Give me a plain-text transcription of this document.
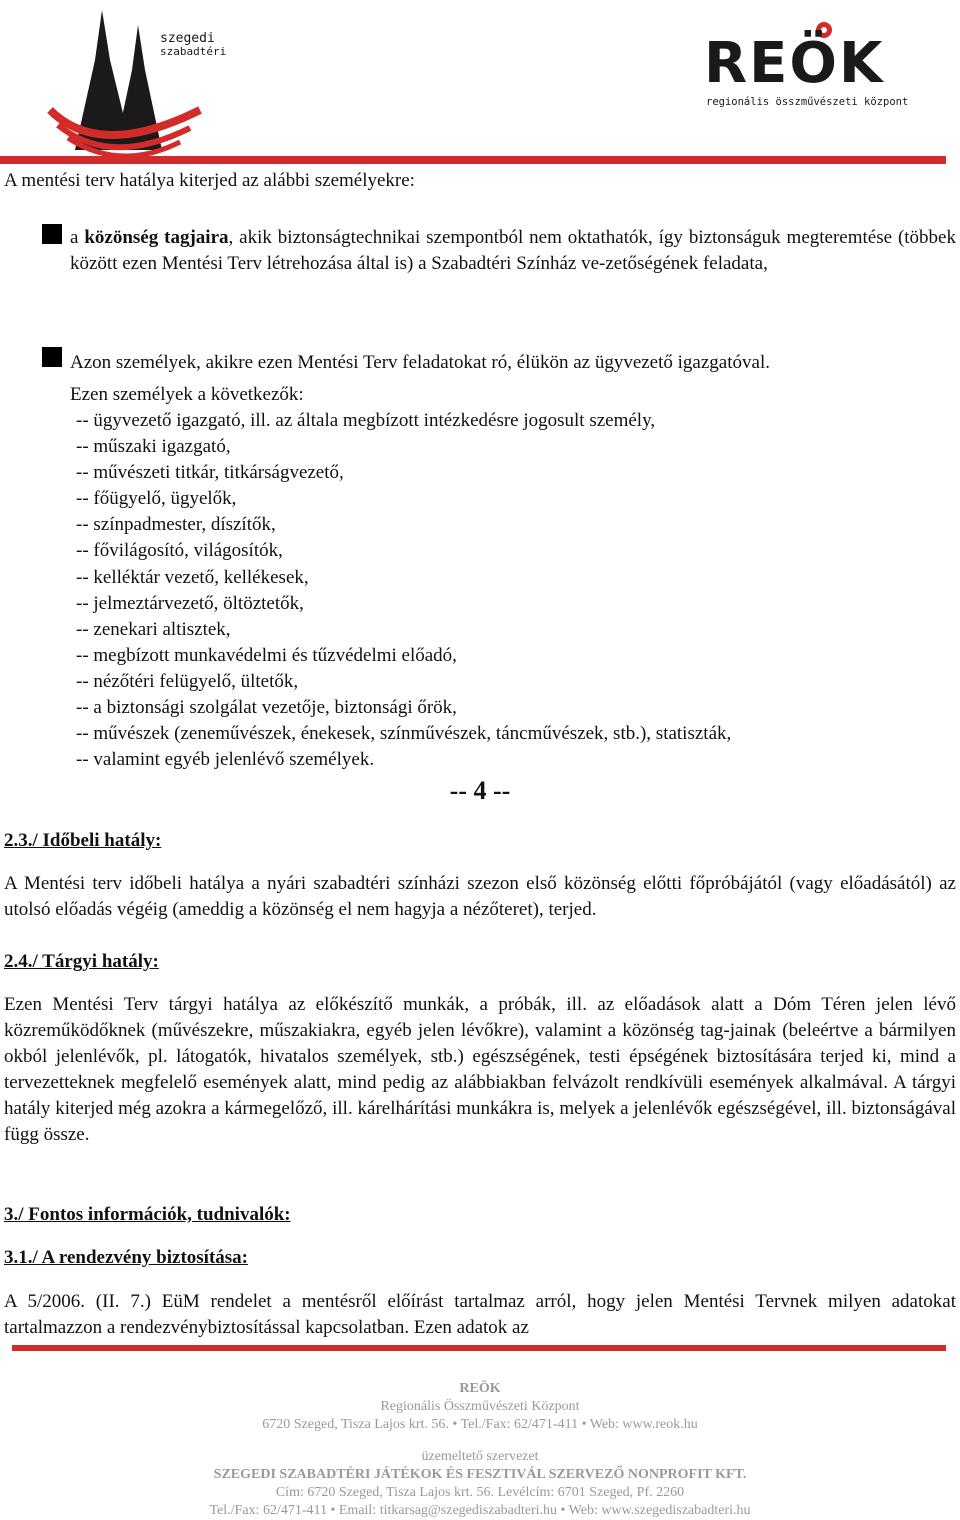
szegedi
szabadtéri	REÖK
regionális összművészeti központ
A mentési terv hatálya kiterjed az alábbi személyekre:
a közönség tagjaira, akik biztonságtechnikai szempontból nem oktathatók, így biztonságuk megteremtése (többek között ezen Mentési Terv létrehozása által is) a Szabadtéri Színház ve-zetőségének feladata,
Azon személyek, akikre ezen Mentési Terv feladatokat ró, élükön az ügyvezető igazgatóval.
Ezen személyek a következők:
-- ügyvezető igazgató, ill. az általa megbízott intézkedésre jogosult személy,
-- műszaki igazgató,
-- művészeti titkár, titkárságvezető,
-- főügyelő, ügyelők,
-- színpadmester, díszítők,
-- fővilágosító, világosítók,
-- kelléktár vezető, kellékesek,
-- jelmeztárvezető, öltöztetők,
-- zenekari altisztek,
-- megbízott munkavédelmi és tűzvédelmi előadó,
-- nézőtéri felügyelő, ültetők,
-- a biztonsági szolgálat vezetője, biztonsági őrök,
-- művészek (zeneművészek, énekesek, színművészek, táncművészek, stb.), statiszták,
-- valamint egyéb jelenlévő személyek.
-- 4 --
2.3./ Időbeli hatály:
A Mentési terv időbeli hatálya a nyári szabadtéri színházi szezon első közönség előtti főpróbájától (vagy előadásától) az utolsó előadás végéig (ameddig a közönség el nem hagyja a nézőteret), terjed.
2.4./ Tárgyi hatály:
Ezen Mentési Terv tárgyi hatálya az előkészítő munkák, a próbák, ill. az előadások alatt a Dóm Téren jelen lévő közreműködőknek (művészekre, műszakiakra, egyéb jelen lévőkre), valamint a közönség tag-jainak (beleértve a bármilyen okból jelenlévők, pl. látogatók, hivatalos személyek, stb.) egészségének, testi épségének biztosítására terjed ki, mind a tervezetteknek megfelelő események alatt, mind pedig az alábbiakban felvázolt rendkívüli események alkalmával. A tárgyi hatály kiterjed még azokra a kármegelőző, ill. kárelhárítási munkákra is, melyek a jelenlévők egészségével, ill. biztonságával függ össze.
3./ Fontos információk, tudnivalók:
3.1./ A rendezvény biztosítása:
A 5/2006. (II. 7.) EüM rendelet a mentésről előírást tartalmaz arról, hogy jelen Mentési Tervnek milyen adatokat tartalmazzon a rendezvénybiztosítással kapcsolatban. Ezen adatok az
REÖK
Regionális Összművészeti Központ
6720 Szeged, Tisza Lajos krt. 56. • Tel./Fax: 62/471-411 • Web: www.reok.hu
üzemeltető szervezet
SZEGEDI SZABADTÉRI JÁTÉKOK ÉS FESZTIVÁL SZERVEZŐ NONPROFIT KFT.
Cím: 6720 Szeged, Tisza Lajos krt. 56. Levélcím: 6701 Szeged, Pf. 2260
Tel./Fax: 62/471-411 • Email: titkarsag@szegediszabadteri.hu • Web: www.szegediszabadteri.hu
